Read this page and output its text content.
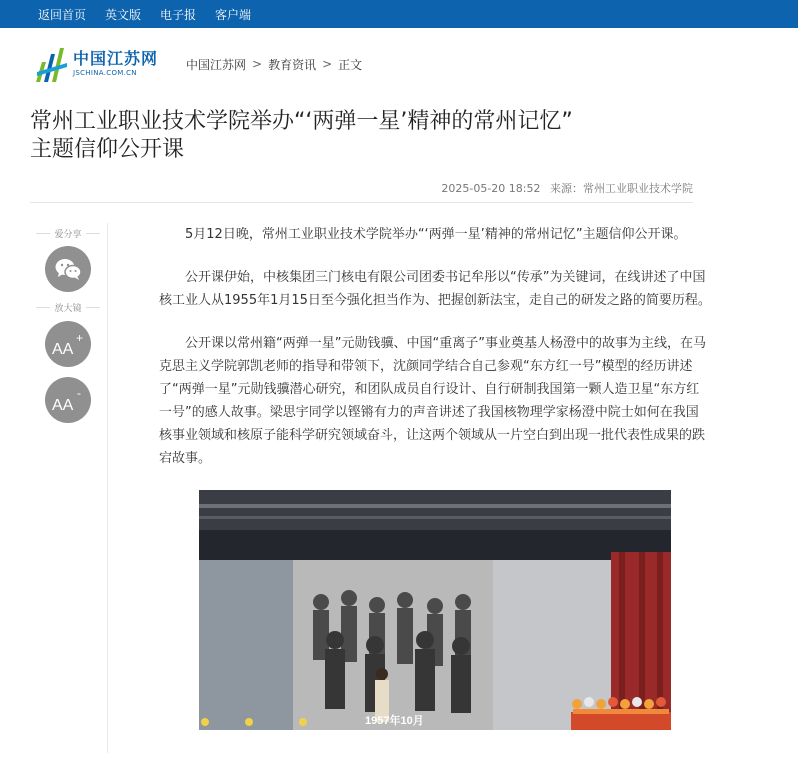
返回首页 英文版 电子报 客户端
中国江苏网
JSCHINA.COM.CN
中国江苏网 > 教育资讯 > 正文
常州工业职业技术学院举办“‘两弹一星’精神的常州记忆”
主题信仰公开课
2025-05-20 18:52 来源：常州工业职业技术学院
爱分享
放大镜
AA
+
AA
-

5月12日晚，常州工业职业技术学院举办“‘两弹一星’精神的常州记忆”主题信仰公开课。

公开课伊始，中核集团三门核电有限公司团委书记牟彤以“传承”为关键词，在线讲述了中国核工业人从1955年1月15日至今强化担当作为、把握创新法宝，走自己的研发之路的简要历程。

公开课以常州籍“两弹一星”元勋钱骥、中国“重离子”事业奠基人杨澄中的故事为主线，在马克思主义学院郭凯老师的指导和带领下，沈颜同学结合自己参观“东方红一号”模型的经历讲述了“两弹一星”元勋钱骥潜心研究，和团队成员自行设计、自行研制我国第一颗人造卫星“东方红一号”的感人故事。梁思宇同学以铿锵有力的声音讲述了我国核物理学家杨澄中院士如何在我国核事业领域和核原子能科学研究领域奋斗，让这两个领域从一片空白到出现一批代表性成果的跌宕故事。

1957年10月
